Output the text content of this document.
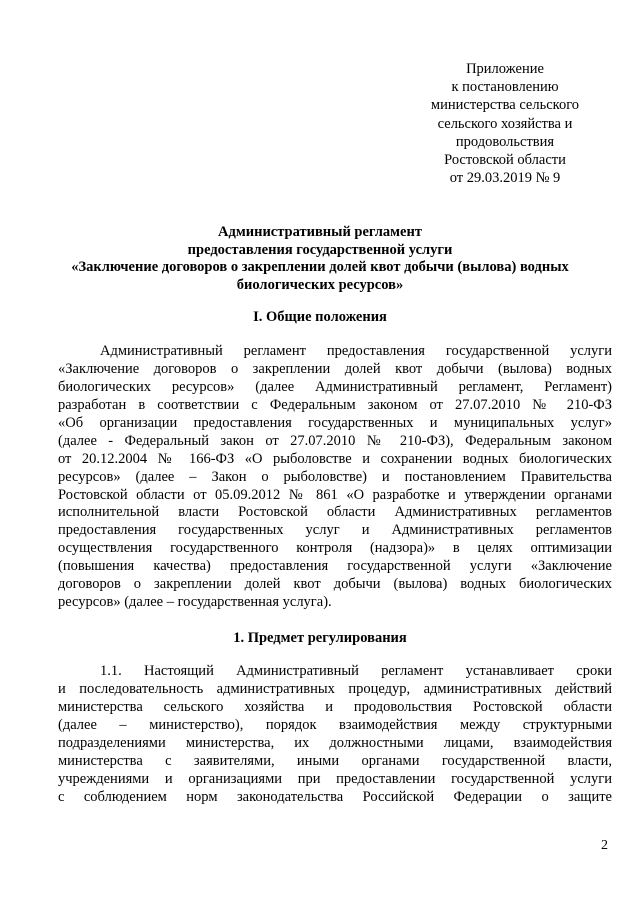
Приложение
к постановлению
министерства сельского
сельского хозяйства и
продовольствия
Ростовской области
от 29.03.2019 № 9
Административный регламент
предоставления государственной услуги
«Заключение договоров о закреплении долей квот добычи (вылова) водных
биологических ресурсов»
I. Общие положения
Административный регламент предоставления государственной услуги
«Заключение договоров о закреплении долей квот добычи (вылова) водных
биологических ресурсов» (далее Административный регламент, Регламент)
разработан в соответствии с Федеральным законом от 27.07.2010 № 210-ФЗ
«Об организации предоставления государственных и муниципальных услуг»
(далее - Федеральный закон от 27.07.2010 № 210-ФЗ), Федеральным законом
от 20.12.2004 № 166-ФЗ «О рыболовстве и сохранении водных биологических
ресурсов» (далее – Закон о рыболовстве) и постановлением Правительства
Ростовской области от 05.09.2012 № 861 «О разработке и утверждении органами
исполнительной власти Ростовской области Административных регламентов
предоставления государственных услуг и Административных регламентов
осуществления государственного контроля (надзора)» в целях оптимизации
(повышения качества) предоставления государственной услуги «Заключение
договоров о закреплении долей квот добычи (вылова) водных биологических
ресурсов» (далее – государственная услуга).
1. Предмет регулирования
1.1. Настоящий Административный регламент устанавливает сроки
и последовательность административных процедур, административных действий
министерства сельского хозяйства и продовольствия Ростовской области
(далее – министерство), порядок взаимодействия между структурными
подразделениями министерства, их должностными лицами, взаимодействия
министерства с заявителями, иными органами государственной власти,
учреждениями и организациями при предоставлении государственной услуги
с соблюдением норм законодательства Российской Федерации о защите
2
